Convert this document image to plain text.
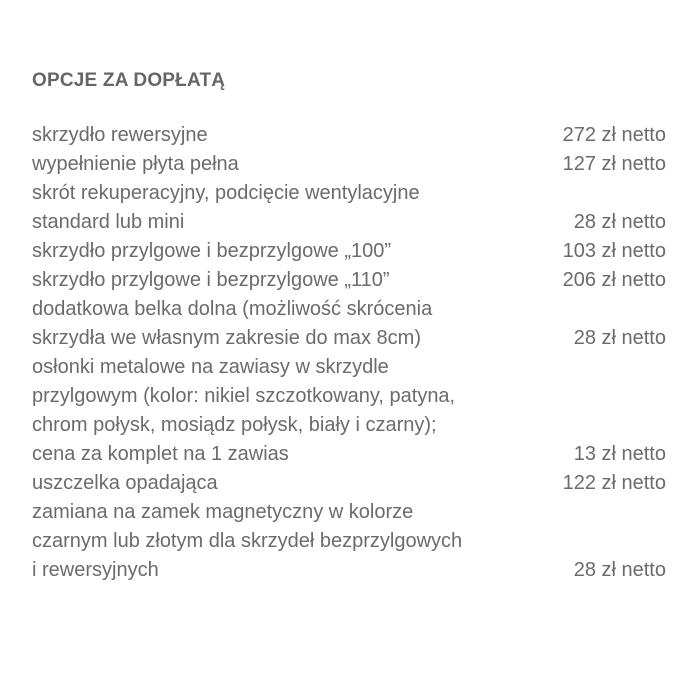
OPCJE ZA DOPŁATĄ
skrzydło rewersyjne	272 zł netto
wypełnienie płyta pełna	127 zł netto
skrót rekuperacyjny, podcięcie wentylacyjne
standard lub mini	28 zł netto
skrzydło przylgowe i bezprzylgowe „100”	103 zł netto
skrzydło przylgowe i bezprzylgowe „110”	206 zł netto
dodatkowa belka dolna (możliwość skrócenia
skrzydła we własnym zakresie do max 8cm)	28 zł netto
osłonki metalowe na zawiasy w skrzydle
przylgowym (kolor: nikiel szczotkowany, patyna,
chrom połysk, mosiądz połysk, biały i czarny);
cena za komplet na 1 zawias	13 zł netto
uszczelka opadająca	122 zł netto
zamiana na zamek magnetyczny w kolorze
czarnym lub złotym dla skrzydeł bezprzylgowych
i rewersyjnych	28 zł netto
